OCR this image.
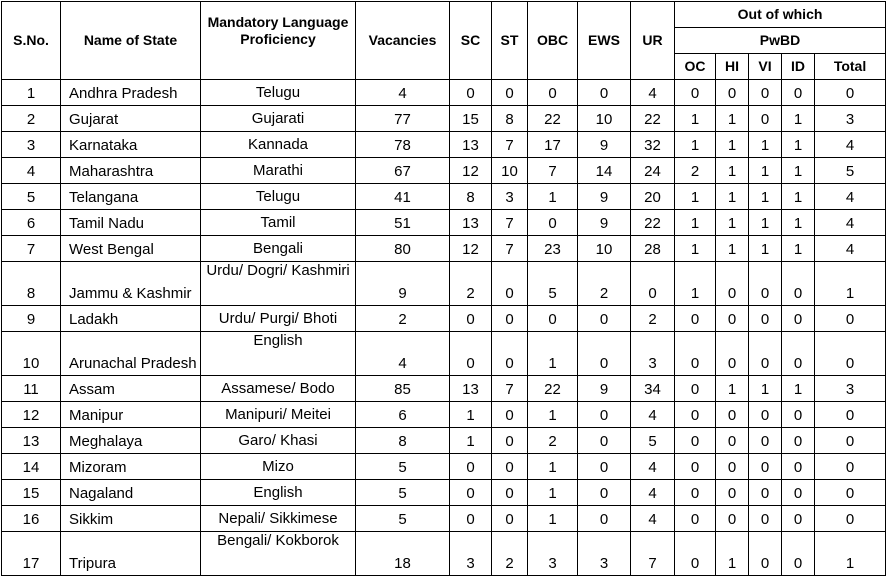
S.No.	Name of State	Mandatory Language Proficiency	Vacancies	SC	ST	OBC	EWS	UR	Out of which				
									PwBD				
									OC	HI	VI	ID	Total
1	Andhra Pradesh	Telugu	4	0	0	0	0	4	0	0	0	0	0
2	Gujarat	Gujarati	77	15	8	22	10	22	1	1	0	1	3
3	Karnataka	Kannada	78	13	7	17	9	32	1	1	1	1	4
4	Maharashtra	Marathi	67	12	10	7	14	24	2	1	1	1	5
5	Telangana	Telugu	41	8	3	1	9	20	1	1	1	1	4
6	Tamil Nadu	Tamil	51	13	7	0	9	22	1	1	1	1	4
7	West Bengal	Bengali	80	12	7	23	10	28	1	1	1	1	4
8	Jammu & Kashmir	Urdu/ Dogri/ Kashmiri	9	2	0	5	2	0	1	0	0	0	1
9	Ladakh	Urdu/ Purgi/ Bhoti	2	0	0	0	0	2	0	0	0	0	0
10	Arunachal Pradesh	English	4	0	0	1	0	3	0	0	0	0	0
11	Assam	Assamese/ Bodo	85	13	7	22	9	34	0	1	1	1	3
12	Manipur	Manipuri/ Meitei	6	1	0	1	0	4	0	0	0	0	0
13	Meghalaya	Garo/ Khasi	8	1	0	2	0	5	0	0	0	0	0
14	Mizoram	Mizo	5	0	0	1	0	4	0	0	0	0	0
15	Nagaland	English	5	0	0	1	0	4	0	0	0	0	0
16	Sikkim	Nepali/ Sikkimese	5	0	0	1	0	4	0	0	0	0	0
17	Tripura	Bengali/ Kokborok	18	3	2	3	3	7	0	1	0	0	1
